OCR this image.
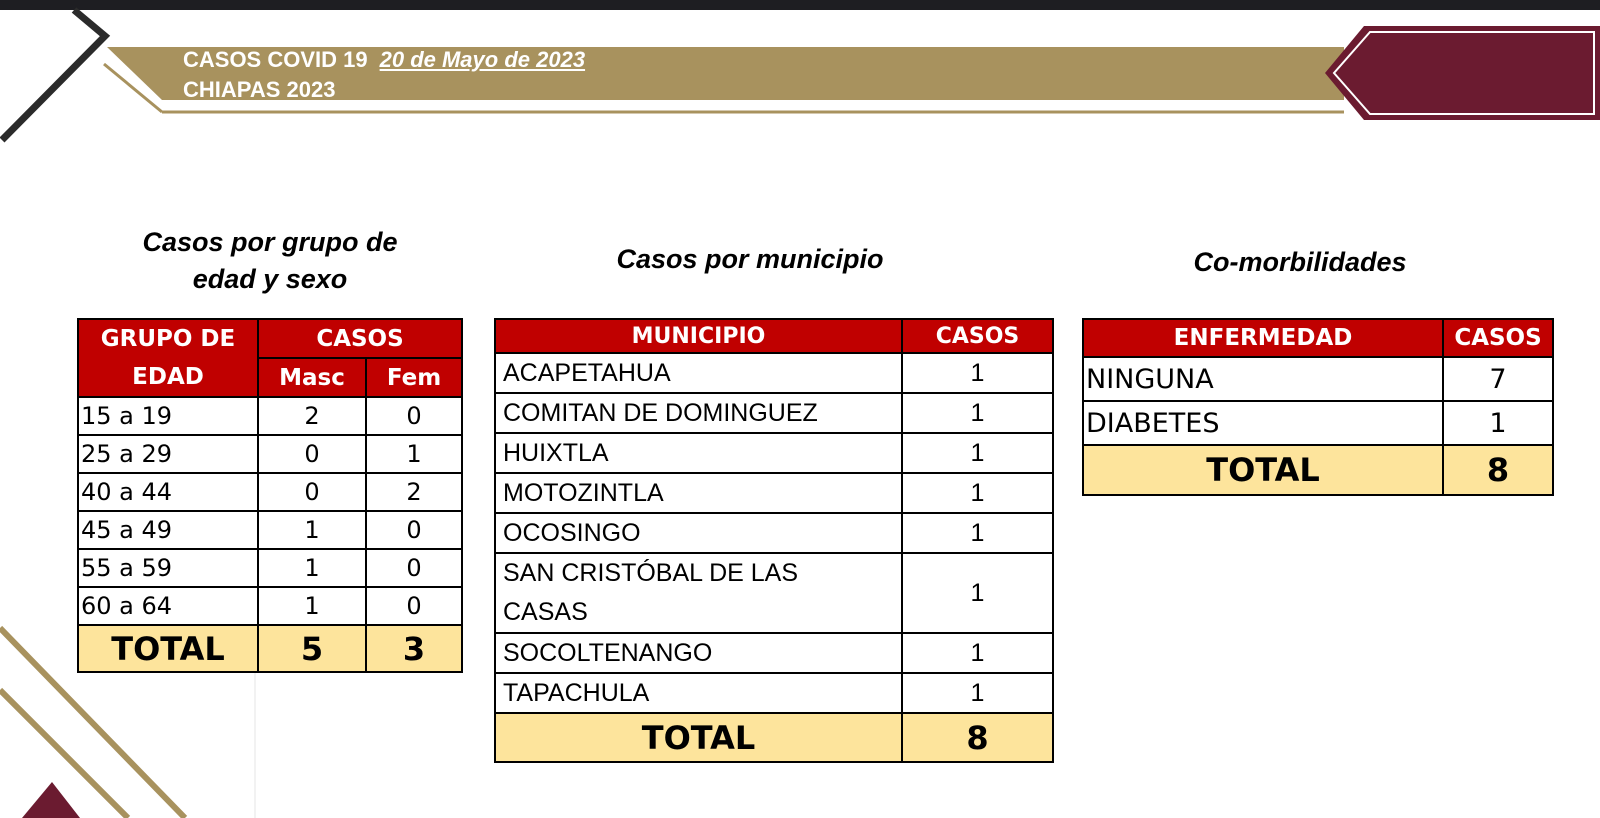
CASOS COVID 19 20 de Mayo de 2023
CHIAPAS 2023
Casos por grupo de
edad y sexo
Casos por municipio	Co-morbilidades
GRUPO DE
EDAD	CASOS	
	Masc	Fem
15 a 19	2	0
25 a 29	0	1
40 a 44	0	2
45 a 49	1	0
55 a 59	1	0
60 a 64	1	0
TOTAL	5	3
MUNICIPIO	CASOS
ACAPETAHUA	1
COMITAN DE DOMINGUEZ	1
HUIXTLA	1
MOTOZINTLA	1
OCOSINGO	1

SAN CRISTÓBAL DE LAS CASAS	1
SOCOLTENANGO	1
TAPACHULA	1
TOTAL	8
ENFERMEDAD	CASOS
NINGUNA	7
DIABETES	1
TOTAL	8
